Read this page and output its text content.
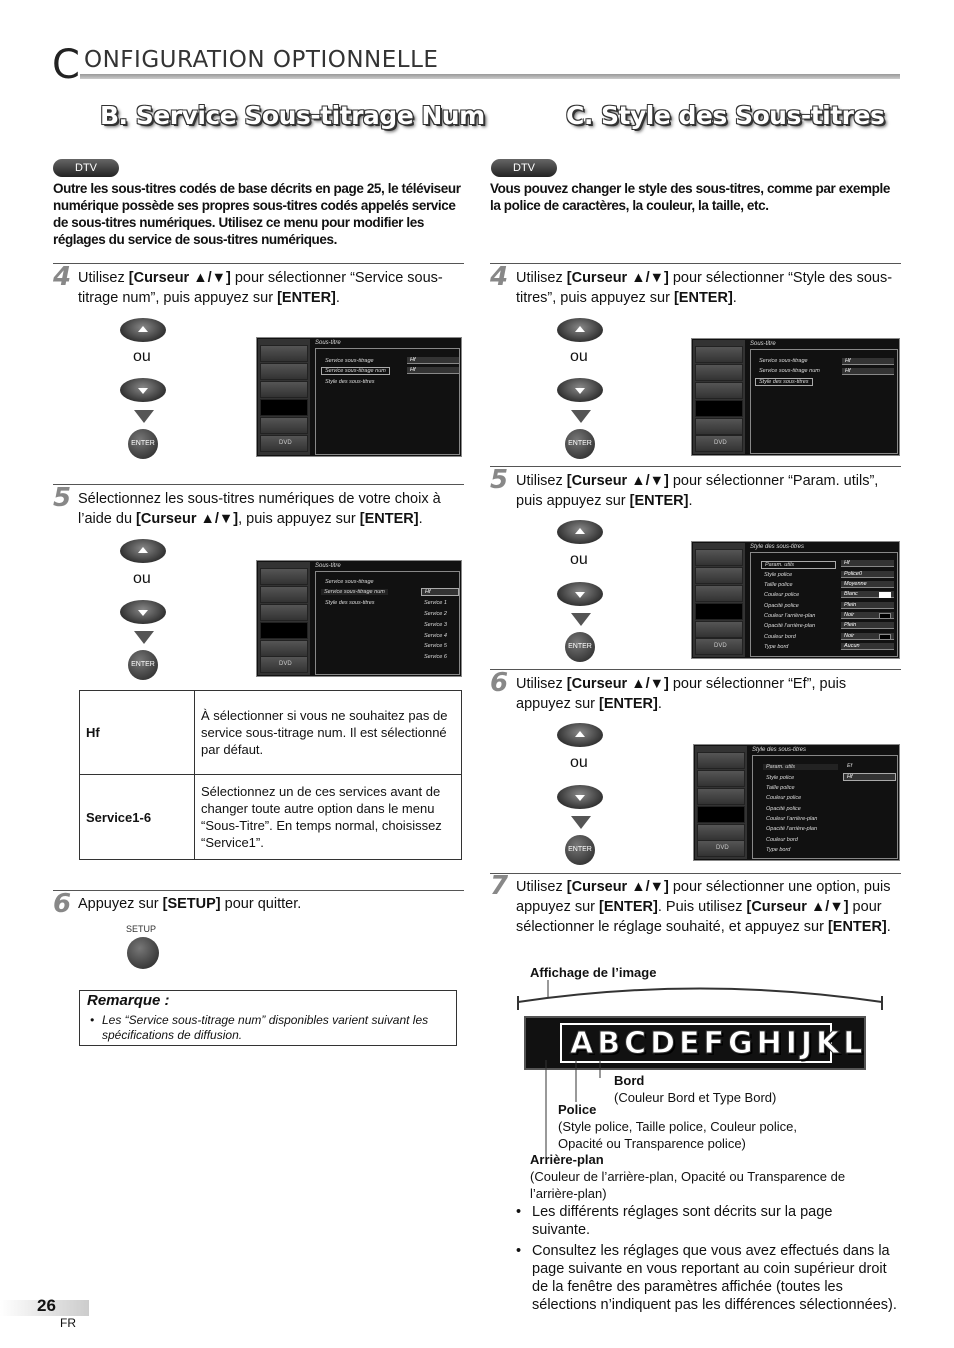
C ONFIGURATION OPTIONNELLE
B. Service Sous-titrage Num
DTV
Outre les sous-titres codés de base décrits en page 25, le téléviseur numérique possède ses propres sous-titres codés appelés service de sous-titres numériques. Utilisez ce menu pour modifier les réglages du service de sous-titres numériques.
4 Utilisez [Curseur ▲/▼] pour sélectionner “Service sous-titrage num”, puis appuyez sur [ENTER].
ou
ENTER	DVD
Sous-titre
Service sous-titrage
Service sous-titrage num
Style des sous-titres
Hf
Hf
5 Sélectionnez les sous-titres numériques de votre choix à l’aide du [Curseur ▲/▼], puis appuyez sur [ENTER].
ou
ENTER	DVD
Sous-titre
Service sous-titrage
Service sous-titrage num
Style des sous-titres
Hf
Service 1
Service 2
Service 3
Service 4
Service 5
Service 6
Hf	À sélectionner si vous ne souhaitez pas de service sous-titrage num. Il est sélectionné par défaut.
Service1-6	Sélectionnez un de ces services avant de changer toute autre option dans le menu “Sous-Titre”. En temps normal, choisissez “Service1”.
6 Appuyez sur [SETUP] pour quitter.
SETUP
Remarque :
• Les “Service sous-titrage num” disponibles varient suivant les spécifications de diffusion.
C. Style des Sous-titres
DTV
Vous pouvez changer le style des sous-titres, comme par exemple la police de caractères, la couleur, la taille, etc.
4 Utilisez [Curseur ▲/▼] pour sélectionner “Style des sous-titres”, puis appuyez sur [ENTER].
ou
ENTER	DVD
Sous-titre
Service sous-titrage
Service sous-titrage num
Style des sous-titres
Hf
Hf
5 Utilisez [Curseur ▲/▼] pour sélectionner “Param. utils”, puis appuyez sur [ENTER].
ou
ENTER	DVD
Style des sous-titres
Param. utils
Style police
Taille police
Couleur police
Opacité police
Couleur l’arrière-plan
Opacité l’arrière-plan
Couleur bord
Type bord
Hf
Police0
Moyenne
Blanc
Plein
Noir
Plein
Noir
Aucun
6 Utilisez [Curseur ▲/▼] pour sélectionner “Ef”, puis appuyez sur [ENTER].
ou
ENTER	DVD
Style des sous-titres
Param. utils
Style police
Taille police
Couleur police
Opacité police
Couleur l’arrière-plan
Opacité l’arrière-plan
Couleur bord
Type bord
Ef
Hf
7 Utilisez [Curseur ▲/▼] pour sélectionner une option, puis appuyez sur [ENTER]. Puis utilisez [Curseur ▲/▼] pour sélectionner le réglage souhaité, et appuyez sur [ENTER].
Affichage de l’image
ABCDEFGHIJKL
Bord
(Couleur Bord et Type Bord)
Police
(Style police, Taille police, Couleur police, Opacité ou Transparence police)
Arrière-plan
(Couleur de l’arrière-plan, Opacité ou Transparence de l’arrière-plan)
• Les différents réglages sont décrits sur la page suivante.
• Consultez les réglages que vous avez effectués dans la page suivante en vous reportant au coin supérieur droit de la fenêtre des paramètres affichée (toutes les sélections n’indiquent pas les différences sélectionnées).
26
FR
